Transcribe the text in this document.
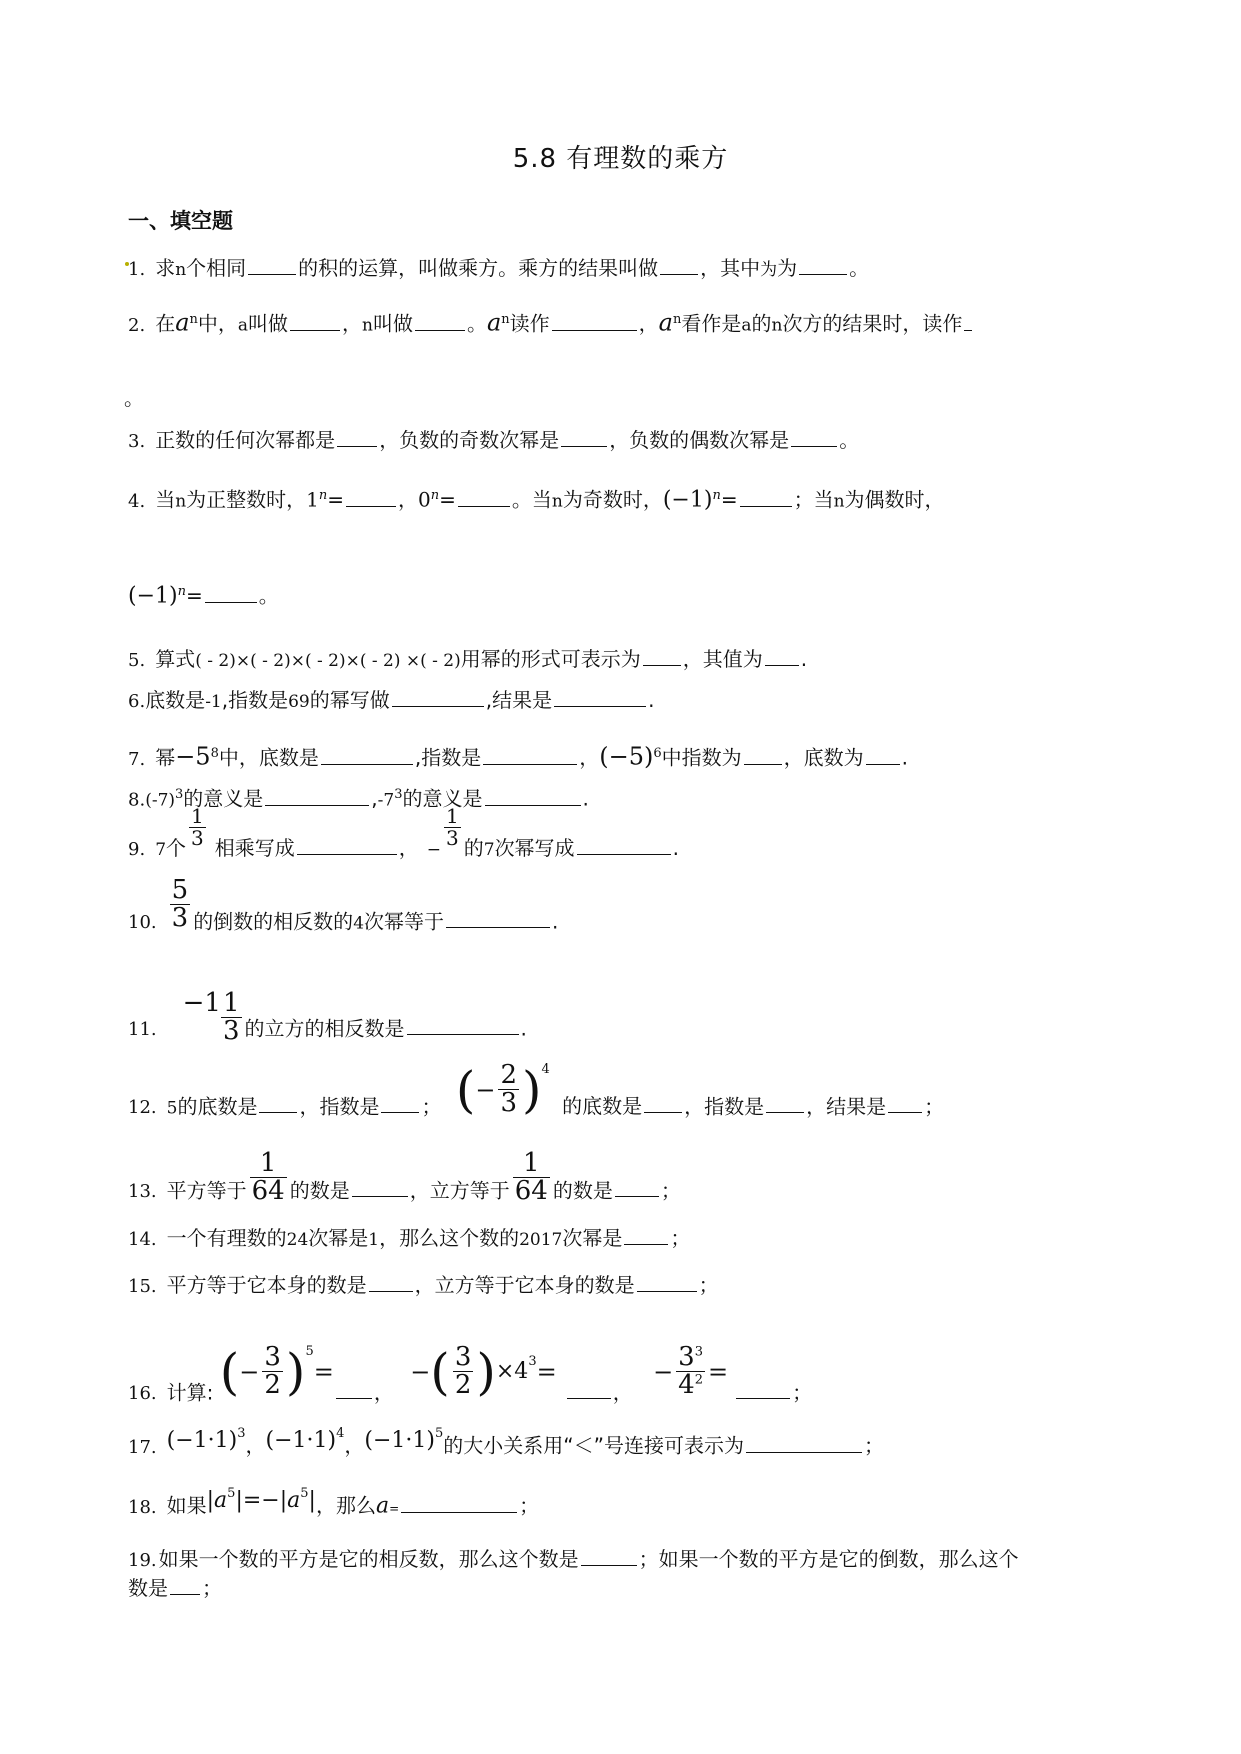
5.8 有理数的乘方
一、填空题
1. 求n个相同	的积的运算，叫做乘方。乘方的结果叫做 ，其中为为	。
2. 在$a^n$中，a叫做	，n叫做	。$a^n$读作	，$a^n$看作是a的n次方的结果时，读作
。
3. 正数的任何次幂都是 ，负数的奇数次幂是	，负数的偶数次幂是	。
4. 当n为正整数时，$1^n=$	，$0^n=$	。当n为奇数时，$(-1)^n=$	；当n为偶数时，
$(-1)^n=$	。
5. 算式( - 2)×( - 2)×( - 2)×( - 2) ×( - 2)用幂的形式可表示为 ，其值为 .
6.底数是-1,指数是69的幂写做	,结果是	.
7. 幂$-5^8$中，底数是	,指数是	，$(-5)^6$中指数为 ，底数为 .
$8.(-7)^3$的意义是	$,-7^3$的意义是	.
9. 7个 $\frac{1}{3}$ 相乘写成	， −
$\frac{1}{3}$ 的7次幂写成	.
10. $\frac{5}{3}$ 的倒数的相反数的4次幂等于	.
$11.-1 \frac{1}{3}$ 的立方的相反数是	.
12. 5的底数是 ，指数是 ； (− $\frac{2}{3} )^4$ 的底数是 ，指数是 ，结果是 ；
13. 平方等于 $\frac{1}{64}$ 的数是	，立方等于 $\frac{1}{64}$ 的数是 ；
14. 一个有理数的24次幂是1，那么这个数的2017次幂是 ；
15. 平方等于它本身的数是 ，立方等于它本身的数是	；
16. 计算: (− $\frac{3}{2} )^5=$， −( $\frac{3}{2} )\times 4^3=$， − $\frac{3^3}{4^2}$ =；
17. $(-1\cdot 1)^3$，$(-1\cdot 1)^4$，$(-1\cdot 1)^5$的大小关系用“＜”号连接可表示为	；
18. 如果$|a^5|=-|a^5|$，那么a=	；
19. 如果一个数的平方是它的相反数，那么这个数是	；如果一个数的平方是它的倒数，那么这个
数是 ；
